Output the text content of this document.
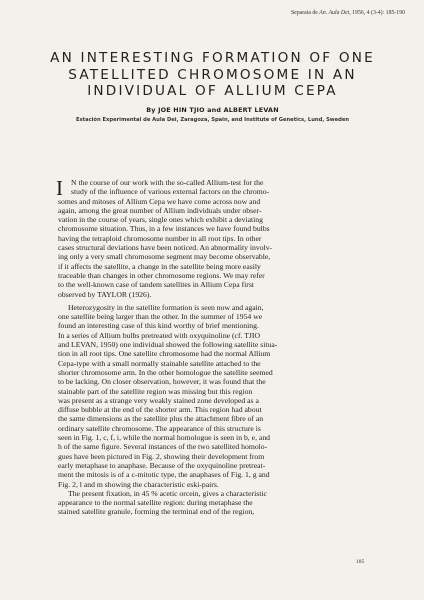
Separata de An. Aula Dei, 1956, 4 (3-4): 185-190
AN INTERESTING FORMATION OF ONE
SATELLITED CHROMOSOME IN AN
INDIVIDUAL OF ALLIUM CEPA
By JOE HIN TJIO and ALBERT LEVAN
Estación Experimental de Aula Dei, Zaragoza, Spain, and Institute of Genetics, Lund, Sweden
I	N the course of our work with the so-called Allium-test for the
study of the influence of various external factors on the chromo-
somes and mitoses of Allium Cepa we have come across now and
again, among the great number of Allium individuals under obser-
vation in the course of years, single ones which exhibit a deviating
chromosome situation. Thus, in a few instances we have found bulbs
having the tetraploid chromosome number in all root tips. In other
cases structural deviations have been noticed. An abnormality involv-
ing only a very small chromosome segment may become observable,
if it affects the satellite, a change in the satellite being more easily
traceable than changes in other chromosome regions. We may refer
to the well-known case of tandem satellites in Allium Cepa first
observed by TAYLOR (1926).
Heterozygosity in the satellite formation is seen now and again,
one satellite being larger than the other. In the summer of 1954 we
found an interesting case of this kind worthy of brief mentioning.
In a series of Allium bulbs pretreated with oxyquinoline (cf. TJIO
and LEVAN, 1950) one individual showed the following satellite situa-
tion in all root tips. One satellite chromosome had the normal Allium
Cepa-type with a small normally stainable satellite attached to the
shorter chromosome arm. In the other homologue the satellite seemed
to be lacking. On closer observation, however, it was found that the
stainable part of the satellite region was missing but this region
was present as a strange very weakly stained zone developed as a
diffuse bubble at the end of the shorter arm. This region had about
the same dimensions as the satellite plus the attachment fibre of an
ordinary satellite chromosome. The appearance of this structure is
seen in Fig. 1, c, f, i, while the normal homologue is seen in b, e, and
h of the same figure. Several instances of the two satellited homolo-
gues have been pictured in Fig. 2, showing their development from
early metaphase to anaphase. Because of the oxyquinoline pretreat-
ment the mitosis is of a c-mitotic type, the anaphases of Fig. 1, g and
Fig. 2, l and m showing the characteristic eski-pairs.
The present fixation, in 45 % acetic orcein, gives a characteristic
appearance to the normal satellite region: during metaphase the
stained satellite granule, forming the terminal end of the region,
185
